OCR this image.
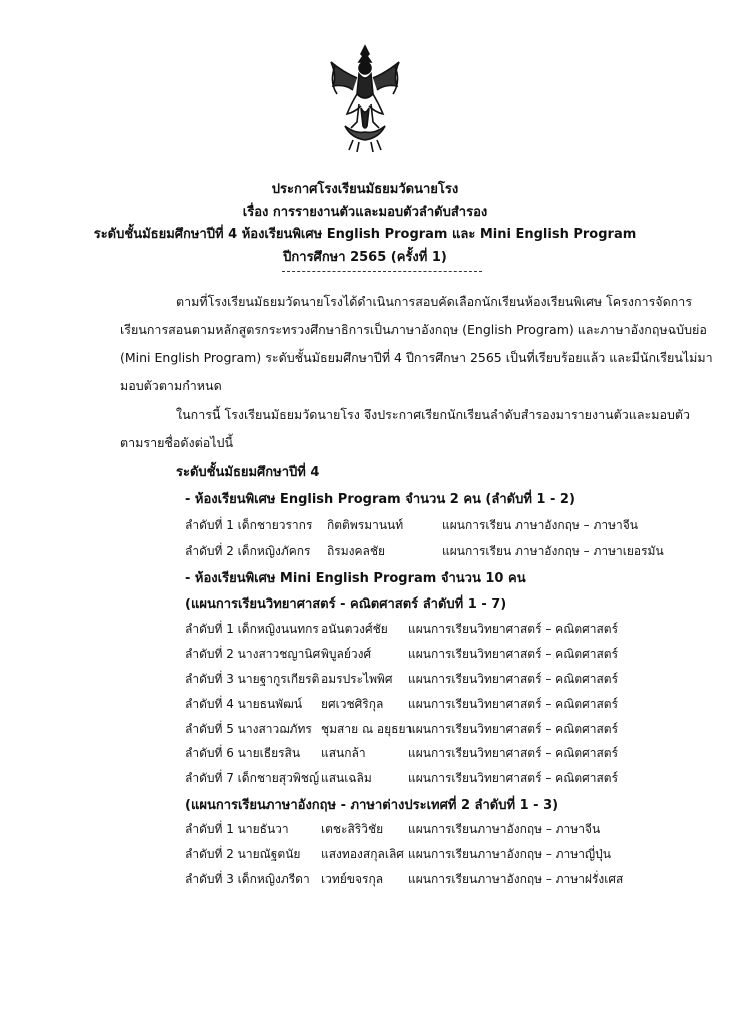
ประกาศโรงเรียนมัธยมวัดนายโรง
เรื่อง การรายงานตัวและมอบตัวลำดับสำรอง
ระดับชั้นมัธยมศึกษาปีที่ 4 ห้องเรียนพิเศษ English Program และ Mini English Program
ปีการศึกษา 2565 (ครั้งที่ 1)
ตามที่โรงเรียนมัธยมวัดนายโรงได้ดำเนินการสอบคัดเลือกนักเรียนห้องเรียนพิเศษ โครงการจัดการ
เรียนการสอนตามหลักสูตรกระทรวงศึกษาธิการเป็นภาษาอังกฤษ (English Program) และภาษาอังกฤษฉบับย่อ
(Mini English Program) ระดับชั้นมัธยมศึกษาปีที่ 4 ปีการศึกษา 2565 เป็นที่เรียบร้อยแล้ว และมีนักเรียนไม่มา
มอบตัวตามกำหนด
ในการนี้ โรงเรียนมัธยมวัดนายโรง จึงประกาศเรียกนักเรียนลำดับสำรองมารายงานตัวและมอบตัว
ตามรายชื่อดังต่อไปนี้
ระดับชั้นมัธยมศึกษาปีที่ 4
- ห้องเรียนพิเศษ English Program จำนวน 2 คน (ลำดับที่ 1 - 2)
ลำดับที่ 1 เด็กชายวรากร กิตติพรมานนท์	แผนการเรียน ภาษาอังกฤษ – ภาษาจีน
ลำดับที่ 2 เด็กหญิงภัคกร ถิรมงคลชัย	แผนการเรียน ภาษาอังกฤษ – ภาษาเยอรมัน
- ห้องเรียนพิเศษ Mini English Program จำนวน 10 คน
(แผนการเรียนวิทยาศาสตร์ - คณิตศาสตร์ ลำดับที่ 1 - 7)
ลำดับที่ 1 เด็กหญิงนนทกร อนันตวงศ์ชัย แผนการเรียนวิทยาศาสตร์ – คณิตศาสตร์
ลำดับที่ 2 นางสาวชญานิศ พิบูลย์วงศ์	แผนการเรียนวิทยาศาสตร์ – คณิตศาสตร์
ลำดับที่ 3 นายฐากูรเกียรติ อมรประไพพิศ แผนการเรียนวิทยาศาสตร์ – คณิตศาสตร์
ลำดับที่ 4 นายธนพัฒน์ ยศเวชศิริกุล แผนการเรียนวิทยาศาสตร์ – คณิตศาสตร์
ลำดับที่ 5 นางสาวฌภัทร ชุมสาย ณ อยุธยา
แผนการเรียนวิทยาศาสตร์ – คณิตศาสตร์
ลำดับที่ 6 นายเธียรสิน แสนกล้า	แผนการเรียนวิทยาศาสตร์ – คณิตศาสตร์
ลำดับที่ 7 เด็กชายสุวพิชญ์ แสนเฉลิม	แผนการเรียนวิทยาศาสตร์ – คณิตศาสตร์
(แผนการเรียนภาษาอังกฤษ - ภาษาต่างประเทศที่ 2 ลำดับที่ 1 - 3)
ลำดับที่ 1 นายธันวา	เตชะสิริวิชัย แผนการเรียนภาษาอังกฤษ – ภาษาจีน
ลำดับที่ 2 นายณัฐตนัย แสงทองสกุลเลิศ แผนการเรียนภาษาอังกฤษ – ภาษาญี่ปุ่น
ลำดับที่ 3 เด็กหญิงภรีดา เวทย์ขจรกุล แผนการเรียนภาษาอังกฤษ – ภาษาฝรั่งเศส
